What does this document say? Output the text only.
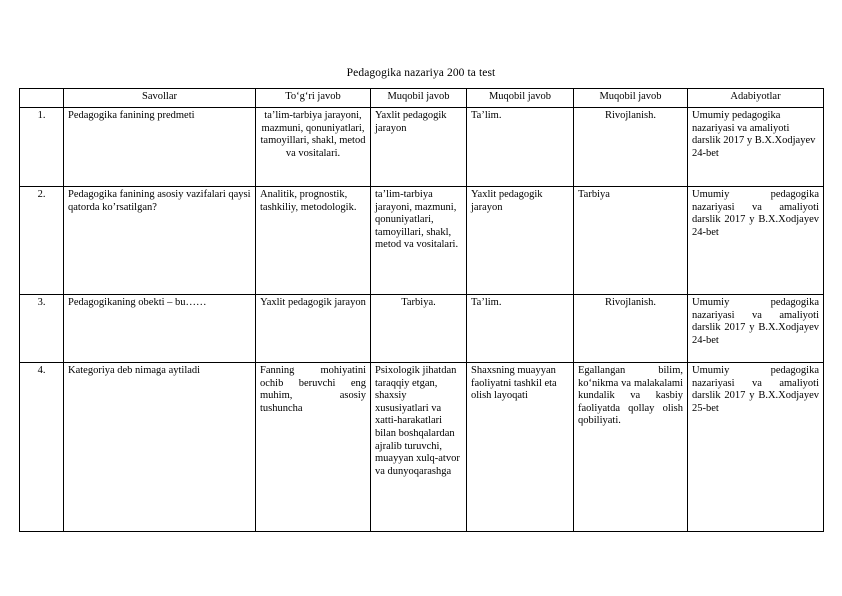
Pedagogika nazariya 200 ta test
	Savollar	To‘g‘ri javob	Muqobil javob	Muqobil javob	Muqobil javob	Adabiyotlar
1.	Pedagogika fanining predmeti	ta’lim-tarbiya jarayoni, mazmuni, qonuniyatlari, tamoyillari, shakl, metod va vositalari.	Yaxlit pedagogik jarayon	Ta’lim.	Rivojlanish.	Umumiy pedagogika nazariyasi va amaliyoti darslik 2017 y B.X.Xodjayev 24-bet
2.	Pedagogika fanining asosiy vazifalari qaysi qatorda ko’rsatilgan?	Analitik, prognostik, tashkiliy, metodologik.	ta’lim-tarbiya jarayoni, mazmuni, qonuniyatlari, tamoyillari, shakl, metod va vositalari.	Yaxlit pedagogik jarayon	Tarbiya	Umumiy pedagogika nazariyasi va amaliyoti darslik 2017 y B.X.Xodjayev 24-bet
3.	Pedagogikaning obekti – bu……	Yaxlit pedagogik jarayon	Tarbiya.	Ta’lim.	Rivojlanish.	Umumiy pedagogika nazariyasi va amaliyoti darslik 2017 y B.X.Xodjayev 24-bet
4.	Kategoriya deb nimaga aytiladi	Fanning mohiyatini ochib beruvchi eng muhim, asosiy tushuncha	Psixologik jihatdan taraqqiy etgan, shaxsiy xususiyatlari va xatti-harakatlari bilan boshqalardan ajralib turuvchi, muayyan xulq-atvor va dunyoqarashga	Shaxsning muayyan faoliyatni tashkil eta olish layoqati	Egallangan bilim, ko‘nikma va malakalami kundalik va kasbiy faoliyatda qollay olish qobiliyati.	Umumiy pedagogika nazariyasi va amaliyoti darslik 2017 y B.X.Xodjayev 25-bet
